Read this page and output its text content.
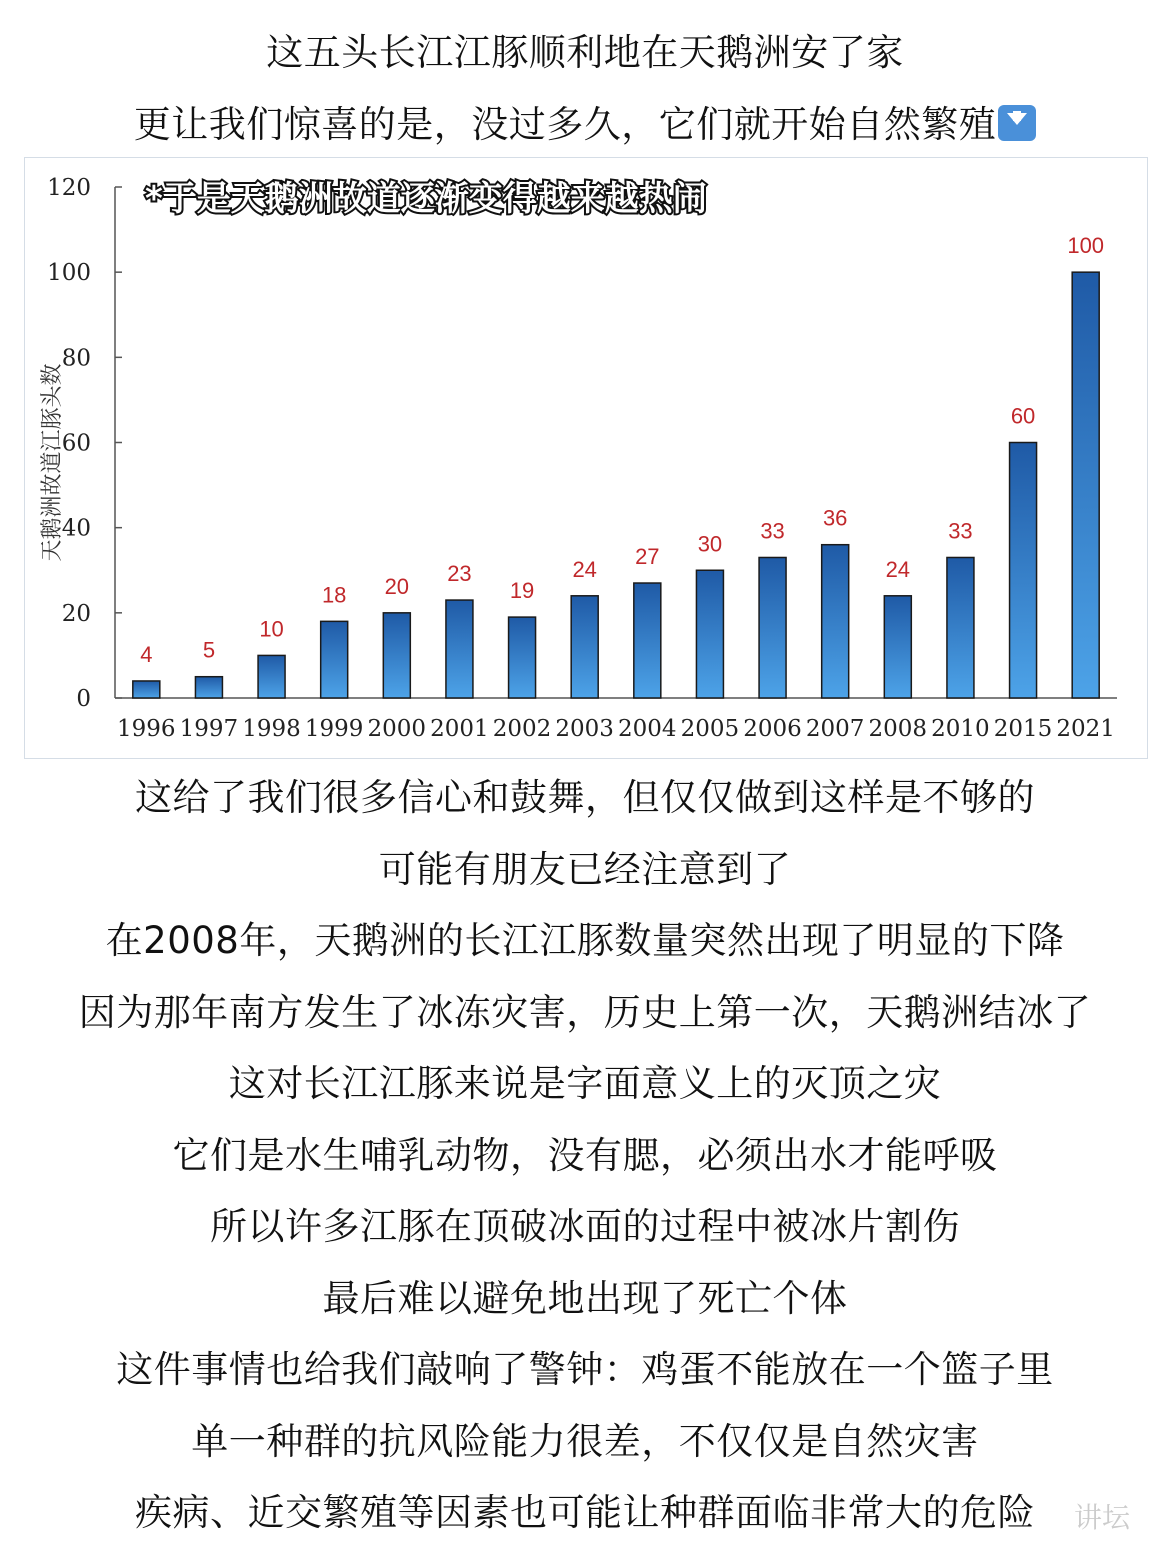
这五头长江江豚顺利地在天鹅洲安了家
更让我们惊喜的是，没过多久，它们就开始自然繁殖
0
20
40
60
80
100
120
4 5
10
18 20
23
19
24
27
30
33
36
24
33
60
100
1996 1997 1998 1999 2000 2001 2002 2003 2004 2005 2006 2007 2008 2010 2015 2021
天鹅洲故道江豚头数
*于是天鹅洲故道逐渐变得越来越热闹
这给了我们很多信心和鼓舞，但仅仅做到这样是不够的
可能有朋友已经注意到了
在2008年，天鹅洲的长江江豚数量突然出现了明显的下降
因为那年南方发生了冰冻灾害，历史上第一次，天鹅洲结冰了
这对长江江豚来说是字面意义上的灭顶之灾
它们是水生哺乳动物，没有腮，必须出水才能呼吸
所以许多江豚在顶破冰面的过程中被冰片割伤
最后难以避免地出现了死亡个体
这件事情也给我们敲响了警钟：鸡蛋不能放在一个篮子里
单一种群的抗风险能力很差，不仅仅是自然灾害
疾病、近交繁殖等因素也可能让种群面临非常大的危险	讲坛
